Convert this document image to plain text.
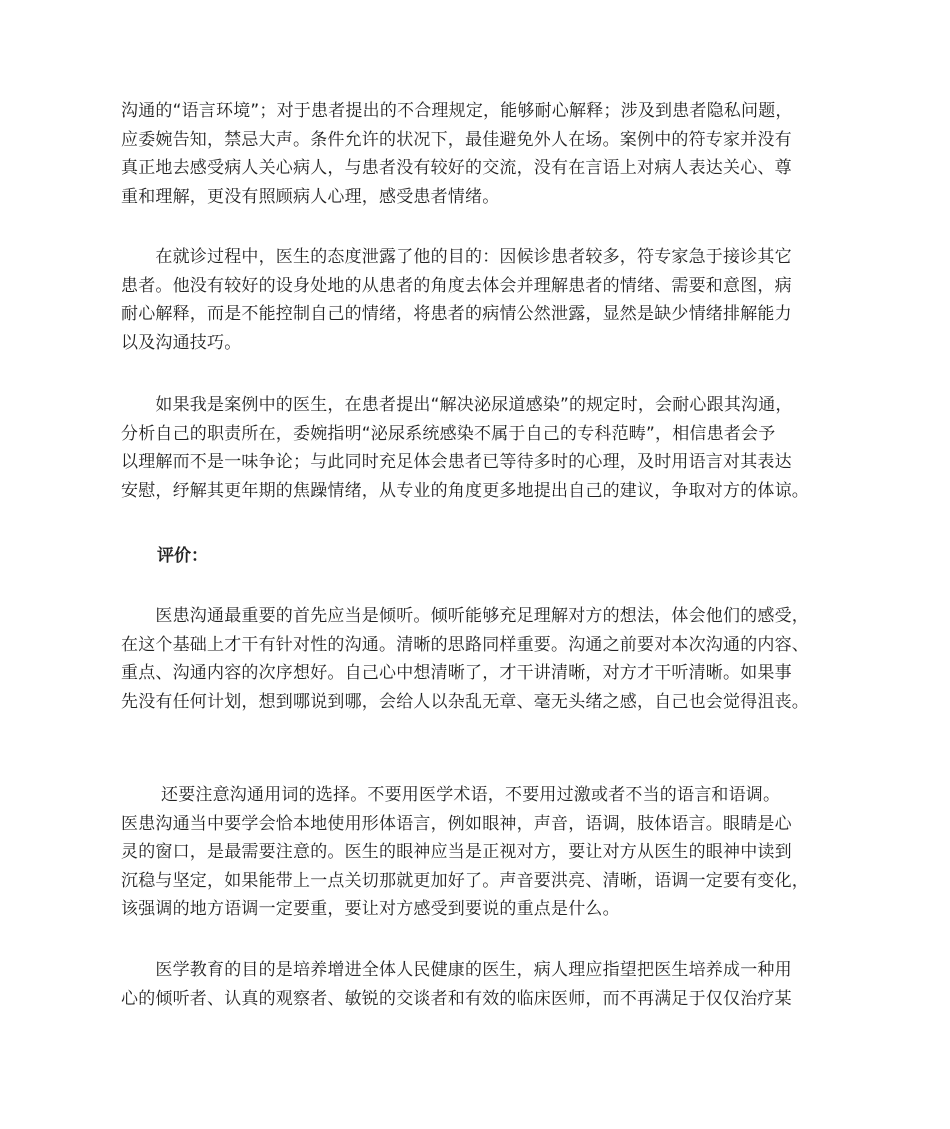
沟通的“语言环境”；对于患者提出的不合理规定，能够耐心解释；涉及到患者隐私问题，
应委婉告知，禁忌大声。条件允许的状况下，最佳避免外人在场。案例中的符专家并没有
真正地去感受病人关心病人，与患者没有较好的交流，没有在言语上对病人表达关心、尊
重和理解，更没有照顾病人心理，感受患者情绪。
　　在就诊过程中，医生的态度泄露了他的目的：因候诊患者较多，符专家急于接诊其它
患者。他没有较好的设身处地的从患者的角度去体会并理解患者的情绪、需要和意图，病
耐心解释，而是不能控制自己的情绪，将患者的病情公然泄露，显然是缺少情绪排解能力
以及沟通技巧。
　　如果我是案例中的医生，在患者提出“解决泌尿道感染”的规定时，会耐心跟其沟通，
分析自己的职责所在，委婉指明“泌尿系统感染不属于自己的专科范畴”，相信患者会予
以理解而不是一味争论；与此同时充足体会患者已等待多时的心理，及时用语言对其表达
安慰，纾解其更年期的焦躁情绪，从专业的角度更多地提出自己的建议，争取对方的体谅。
评价：
　　医患沟通最重要的首先应当是倾听。倾听能够充足理解对方的想法，体会他们的感受，
在这个基础上才干有针对性的沟通。清晰的思路同样重要。沟通之前要对本次沟通的内容、
重点、沟通内容的次序想好。自己心中想清晰了，才干讲清晰，对方才干听清晰。如果事
先没有任何计划，想到哪说到哪，会给人以杂乱无章、毫无头绪之感，自己也会觉得沮丧。
　　 还要注意沟通用词的选择。不要用医学术语，不要用过激或者不当的语言和语调。
医患沟通当中要学会恰本地使用形体语言，例如眼神，声音，语调，肢体语言。眼睛是心
灵的窗口，是最需要注意的。医生的眼神应当是正视对方，要让对方从医生的眼神中读到
沉稳与坚定，如果能带上一点关切那就更加好了。声音要洪亮、清晰，语调一定要有变化，
该强调的地方语调一定要重，要让对方感受到要说的重点是什么。
　　医学教育的目的是培养增进全体人民健康的医生，病人理应指望把医生培养成一种用
心的倾听者、认真的观察者、敏锐的交谈者和有效的临床医师，而不再满足于仅仅治疗某
